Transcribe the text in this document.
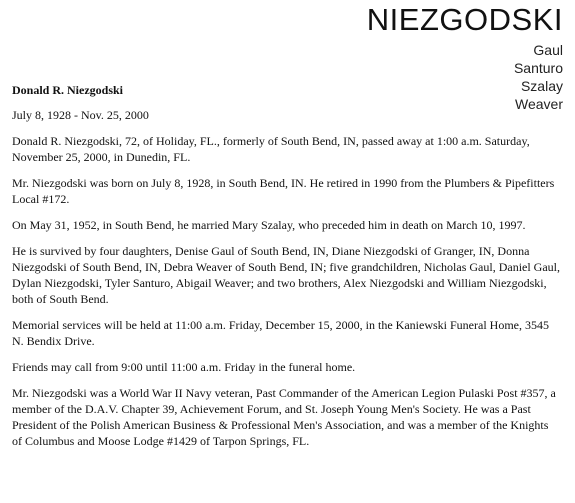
NIEZGODSKI
Gaul
Santuro
Szalay
Weaver
Donald R. Niezgodski

July 8, 1928 - Nov. 25, 2000

Donald R. Niezgodski, 72, of Holiday, FL., formerly of South Bend, IN, passed away at 1:00 a.m. Saturday, November 25, 2000, in Dunedin, FL.

Mr. Niezgodski was born on July 8, 1928, in South Bend, IN. He retired in 1990 from the Plumbers & Pipefitters Local #172.

On May 31, 1952, in South Bend, he married Mary Szalay, who preceded him in death on March 10, 1997.

He is survived by four daughters, Denise Gaul of South Bend, IN, Diane Niezgodski of Granger, IN, Donna Niezgodski of South Bend, IN, Debra Weaver of South Bend, IN; five grandchildren, Nicholas Gaul, Daniel Gaul, Dylan Niezgodski, Tyler Santuro, Abigail Weaver; and two brothers, Alex Niezgodski and William Niezgodski, both of South Bend.

Memorial services will be held at 11:00 a.m. Friday, December 15, 2000, in the Kaniewski Funeral Home, 3545 N. Bendix Drive.

Friends may call from 9:00 until 11:00 a.m. Friday in the funeral home.

Mr. Niezgodski was a World War II Navy veteran, Past Commander of the American Legion Pulaski Post #357, a member of the D.A.V. Chapter 39, Achievement Forum, and St. Joseph Young Men's Society. He was a Past President of the Polish American Business & Professional Men's Association, and was a member of the Knights of Columbus and Moose Lodge #1429 of Tarpon Springs, FL.
